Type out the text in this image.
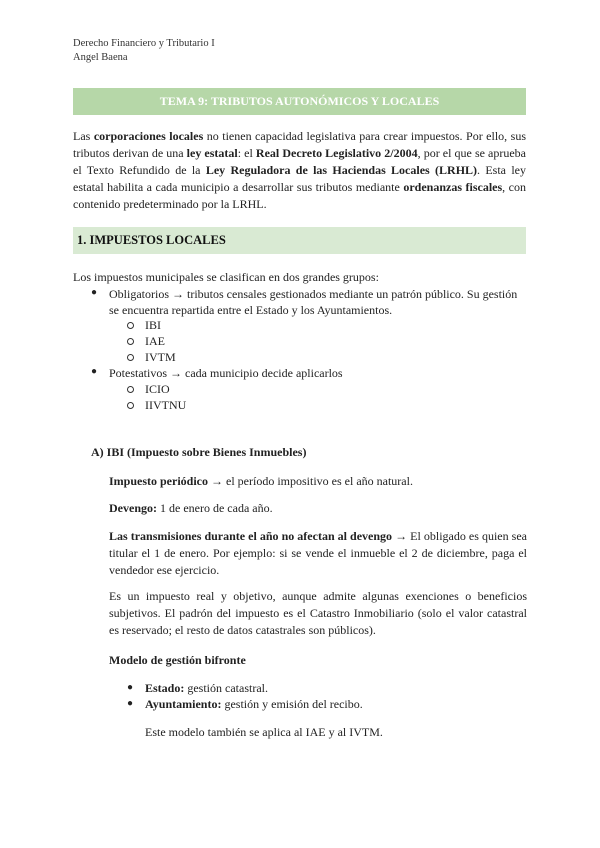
Derecho Financiero y Tributario I
Angel Baena
TEMA 9: TRIBUTOS AUTONÓMICOS Y LOCALES
Las corporaciones locales no tienen capacidad legislativa para crear impuestos. Por ello, sus tributos derivan de una ley estatal: el Real Decreto Legislativo 2/2004, por el que se aprueba el Texto Refundido de la Ley Reguladora de las Haciendas Locales (LRHL). Esta ley estatal habilita a cada municipio a desarrollar sus tributos mediante ordenanzas fiscales, con contenido predeterminado por la LRHL.
1. IMPUESTOS LOCALES
Los impuestos municipales se clasifican en dos grandes grupos:
● Obligatorios → tributos censales gestionados mediante un patrón público. Su gestión
se encuentra repartida entre el Estado y los Ayuntamientos.
IBI
IAE
IVTM
● Potestativos → cada municipio decide aplicarlos
ICIO
IIVTNU
A) IBI (Impuesto sobre Bienes Inmuebles)
Impuesto periódico → el período impositivo es el año natural.
Devengo: 1 de enero de cada año.
Las transmisiones durante el año no afectan al devengo → El obligado es quien sea titular el 1 de enero. Por ejemplo: si se vende el inmueble el 2 de diciembre, paga el vendedor ese ejercicio.
Es un impuesto real y objetivo, aunque admite algunas exenciones o beneficios subjetivos. El padrón del impuesto es el Catastro Inmobiliario (solo el valor catastral es reservado; el resto de datos catastrales son públicos).
Modelo de gestión bifronte
● Estado: gestión catastral.
● Ayuntamiento: gestión y emisión del recibo.
Este modelo también se aplica al IAE y al IVTM.
